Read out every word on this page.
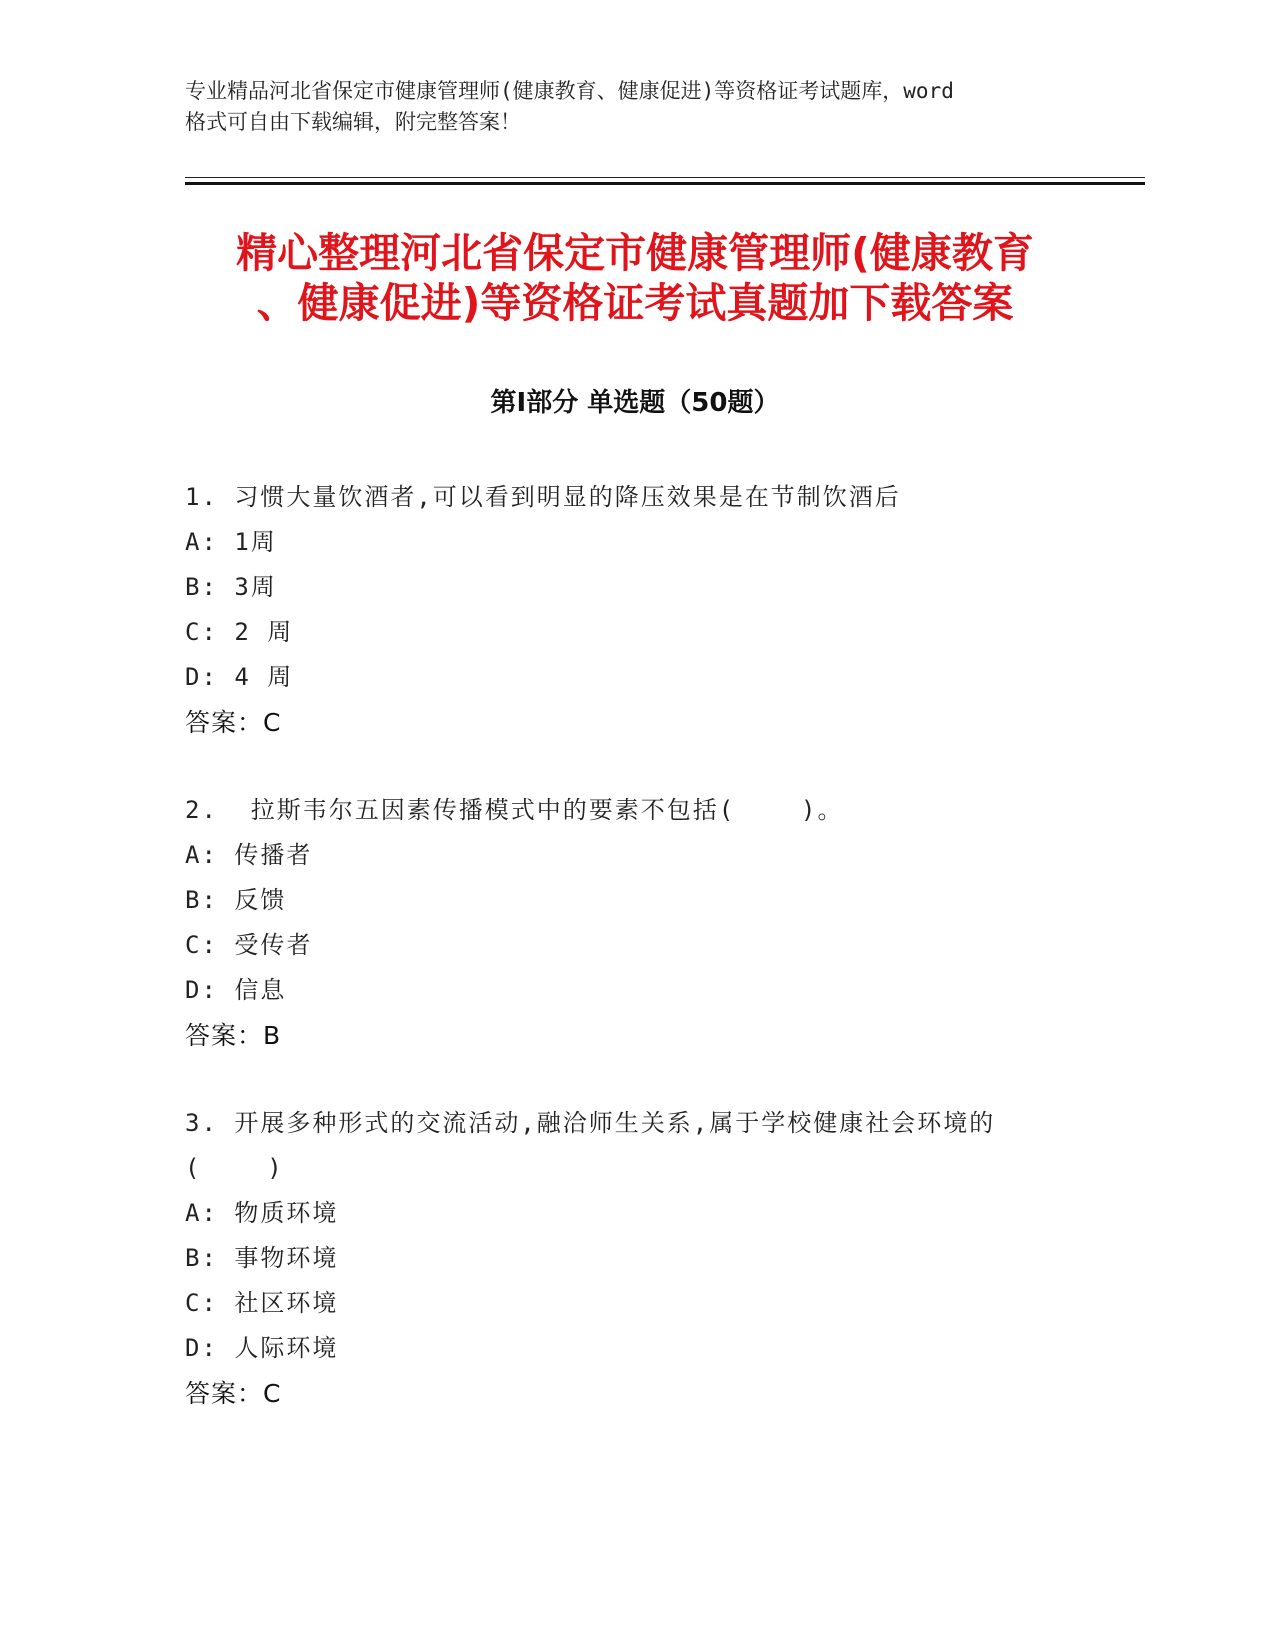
专业精品河北省保定市健康管理师(健康教育、健康促进)等资格证考试题库，word

格式可自由下载编辑，附完整答案！

精心整理河北省保定市健康管理师(健康教育
、健康促进)等资格证考试真题加下载答案
第Ⅰ部分 单选题（50题）

1. 习惯大量饮酒者,可以看到明显的降压效果是在节制饮酒后

A: 1周

B: 3周

C: 2 周

D: 4 周

答案：C

2.  拉斯韦尔五因素传播模式中的要素不包括(    )。

A: 传播者

B: 反馈

C: 受传者

D: 信息

答案：B

3. 开展多种形式的交流活动,融洽师生关系,属于学校健康社会环境的

(    )

A: 物质环境

B: 事物环境

C: 社区环境

D: 人际环境

答案：C
